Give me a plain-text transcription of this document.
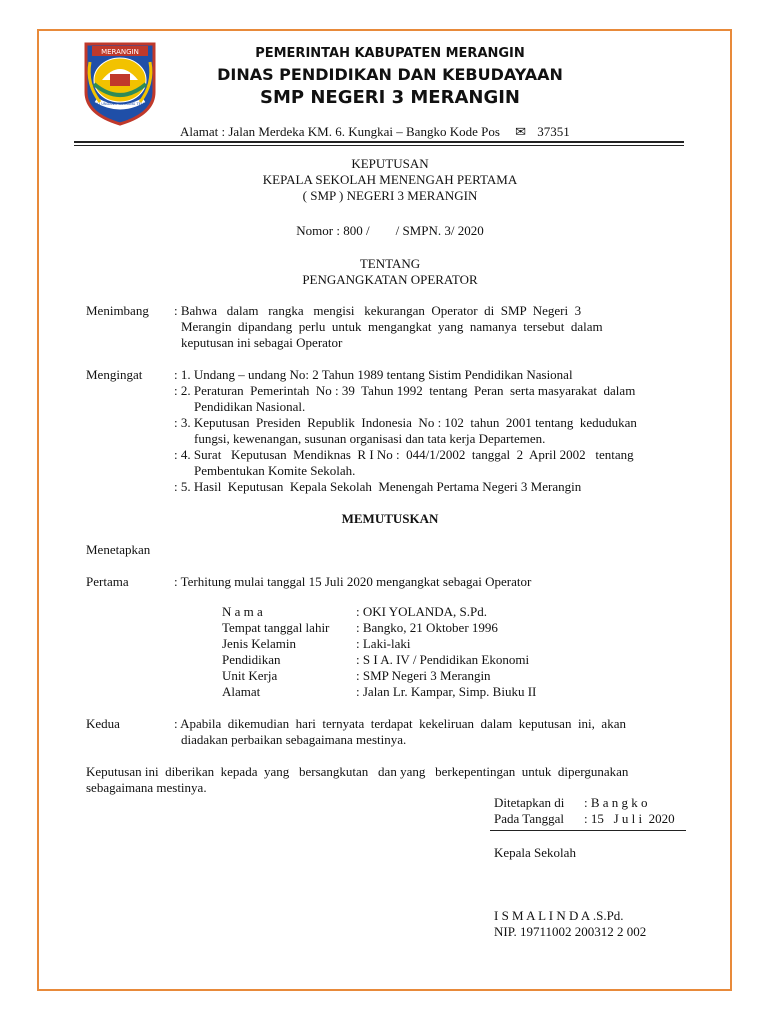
MERANGIN
TALI UNDANG TAMBANG TELITI
PEMERINTAH KABUPATEN MERANGIN
DINAS PENDIDIKAN DAN KEBUDAYAAN
SMP NEGERI 3 MERANGIN
Alamat : Jalan Merdeka KM. 6. Kungkai – Bangko Kode Pos ✉ 37351
KEPUTUSAN
KEPALA SEKOLAH MENENGAH PERTAMA
( SMP ) NEGERI 3 MERANGIN
Nomor : 800 /        / SMPN. 3/ 2020
TENTANG
PENGANGKATAN OPERATOR
Menimbang : Bahwa   dalam   rangka   mengisi   kekurangan  Operator  di  SMP  Negeri  3
Merangin  dipandang  perlu  untuk  mengangkat  yang  namanya  tersebut  dalam
keputusan ini sebagai Operator
Mengingat : 1. Undang – undang No: 2 Tahun 1989 tentang Sistim Pendidikan Nasional
: 2. Peraturan  Pemerintah  No : 39  Tahun 1992  tentang  Peran  serta masyarakat  dalam
Pendidikan Nasional.
: 3. Keputusan  Presiden  Republik  Indonesia  No : 102  tahun  2001 tentang  kedudukan
fungsi, kewenangan, susunan organisasi dan tata kerja Departemen.
: 4. Surat   Keputusan  Mendiknas  R I No :  044/1/2002  tanggal  2  April 2002   tentang
Pembentukan Komite Sekolah.
: 5. Hasil  Keputusan  Kepala Sekolah  Menengah Pertama Negeri 3 Merangin
MEMUTUSKAN
Menetapkan
Pertama	: Terhitung mulai tanggal 15 Juli 2020 mengangkat sebagai Operator
N a m a	: OKI YOLANDA, S.Pd.
Tempat tanggal lahir : Bangko, 21 Oktober 1996
Jenis Kelamin	: Laki-laki
Pendidikan	: S I A. IV / Pendidikan Ekonomi
Unit Kerja	: SMP Negeri 3 Merangin
Alamat	: Jalan Lr. Kampar, Simp. Biuku II
Kedua	: Apabila  dikemudian  hari  ternyata  terdapat  kekeliruan  dalam  keputusan  ini,  akan
diadakan perbaikan sebagaimana mestinya.
Keputusan ini  diberikan  kepada  yang   bersangkutan   dan yang   berkepentingan  untuk  dipergunakan
sebagaimana mestinya.
Ditetapkan di : B a n g k o
Pada Tanggal : 15   J u l i  2020
Kepala Sekolah
I S M A L I N D A .S.Pd.
NIP. 19711002 200312 2 002
